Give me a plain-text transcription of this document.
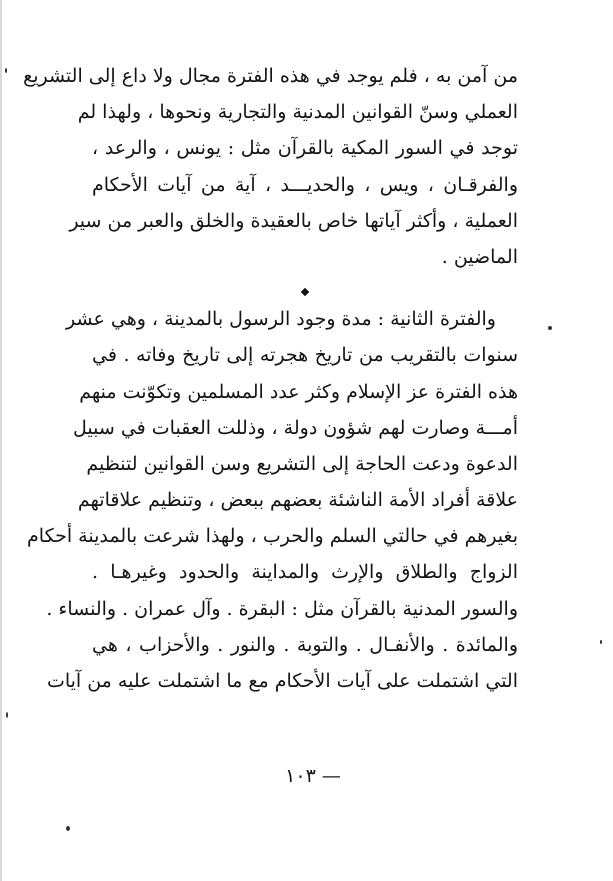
من آمن به ، فلم يوجد في هذه الفترة مجال ولا داع إلى التشريع
العملي وسنّ القوانين المدنية والتجارية ونحوها ، ولهذا لم
توجد في السور المكية بالقرآن مثل : يونس ، والرعد ،
والفرقـان ، ويس ، والحديـــد ، آية من آيات الأحكام
العملية ، وأكثر آياتها خاص بالعقيدة والخلق والعبر من سير
الماضين .
والفترة الثانية : مدة وجود الرسول بالمدينة ، وهي عشر
سنوات بالتقريب من تاريخ هجرته إلى تاريخ وفاته . في
هذه الفترة عز الإسلام وكثر عدد المسلمين وتكوّنت منهم
أمـــة وصارت لهم شؤون دولة ، وذللت العقبات في سبيل
الدعوة ودعت الحاجة إلى التشريع وسن القوانين لتنظيم
علاقة أفراد الأمة الناشئة بعضهم ببعض ، وتنظيم علاقاتهم
بغيرهم في حالتي السلم والحرب ، ولهذا شرعت بالمدينة أحكام
الزواج والطلاق والإرث والمداينة والحدود وغيرهـا .
والسور المدنية بالقرآن مثل : البقرة . وآل عمران . والنساء .
والمائدة . والأنفـال . والتوبة . والنور . والأحزاب ، هي
التي اشتملت على آيات الأحكام مع ما اشتملت عليه من آيات
— ١٠٣
